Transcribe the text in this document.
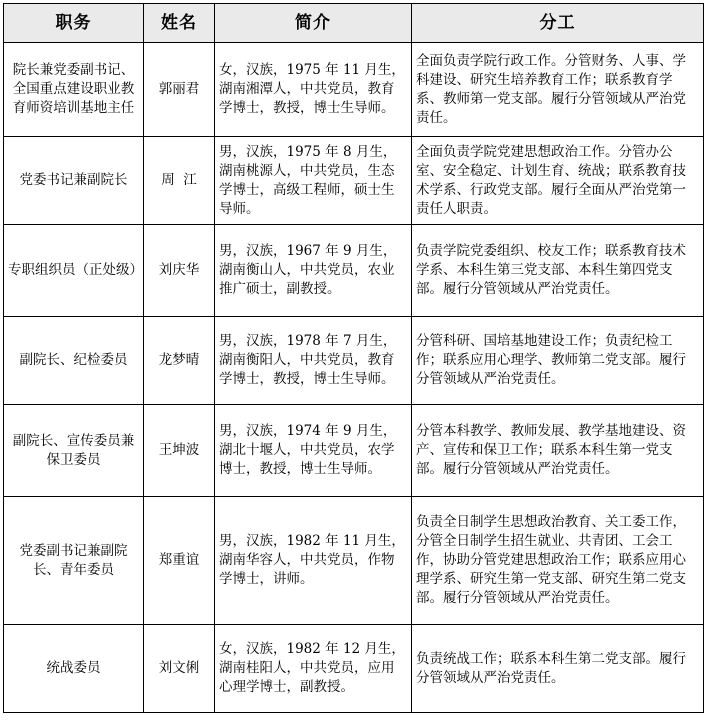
职务	姓名	简介	分工
院长兼党委副书记、全国重点建设职业教育师资培训基地主任	郭丽君	女，汉族，1975 年 11 月生，湖南湘潭人，中共党员，教育学博士，教授，博士生导师。	全面负责学院行政工作。分管财务、人事、学科建设、研究生培养教育工作；联系教育学系、教师第一党支部。履行分管领域从严治党责任。
党委书记兼副院长	周  江	男，汉族，1975 年 8 月生，湖南桃源人，中共党员，生态学博士，高级工程师，硕士生导师。	全面负责学院党建思想政治工作。分管办公室、安全稳定、计划生育、统战；联系教育技术学系、行政党支部。履行全面从严治党第一责任人职责。
专职组织员（正处级）	刘庆华	男，汉族，1967 年 9 月生，湖南衡山人，中共党员，农业推广硕士，副教授。	负责学院党委组织、校友工作；联系教育技术学系、本科生第三党支部、本科生第四党支部。履行分管领域从严治党责任。
副院长、纪检委员	龙梦晴	男，汉族，1978 年 7 月生，湖南衡阳人，中共党员，教育学博士，教授，博士生导师。	分管科研、国培基地建设工作；负责纪检工作；联系应用心理学、教师第二党支部。履行分管领域从严治党责任。
副院长、宣传委员兼保卫委员	王坤波	男，汉族，1974 年 9 月生，湖北十堰人，中共党员，农学博士，教授，博士生导师。	分管本科教学、教师发展、教学基地建设、资产、宣传和保卫工作；联系本科生第一党支部。履行分管领域从严治党责任。
党委副书记兼副院长、青年委员	郑重谊	男，汉族，1982 年 11 月生，湖南华容人，中共党员，作物学博士，讲师。	负责全日制学生思想政治教育、关工委工作，分管全日制学生招生就业、共青团、工会工作，协助分管党建思想政治工作；联系应用心理学系、研究生第一党支部、研究生第二党支部。履行分管领域从严治党责任。
统战委员	刘文俐	女，汉族，1982 年 12 月生，湖南桂阳人，中共党员，应用心理学博士，副教授。	负责统战工作；联系本科生第二党支部。履行分管领域从严治党责任。
